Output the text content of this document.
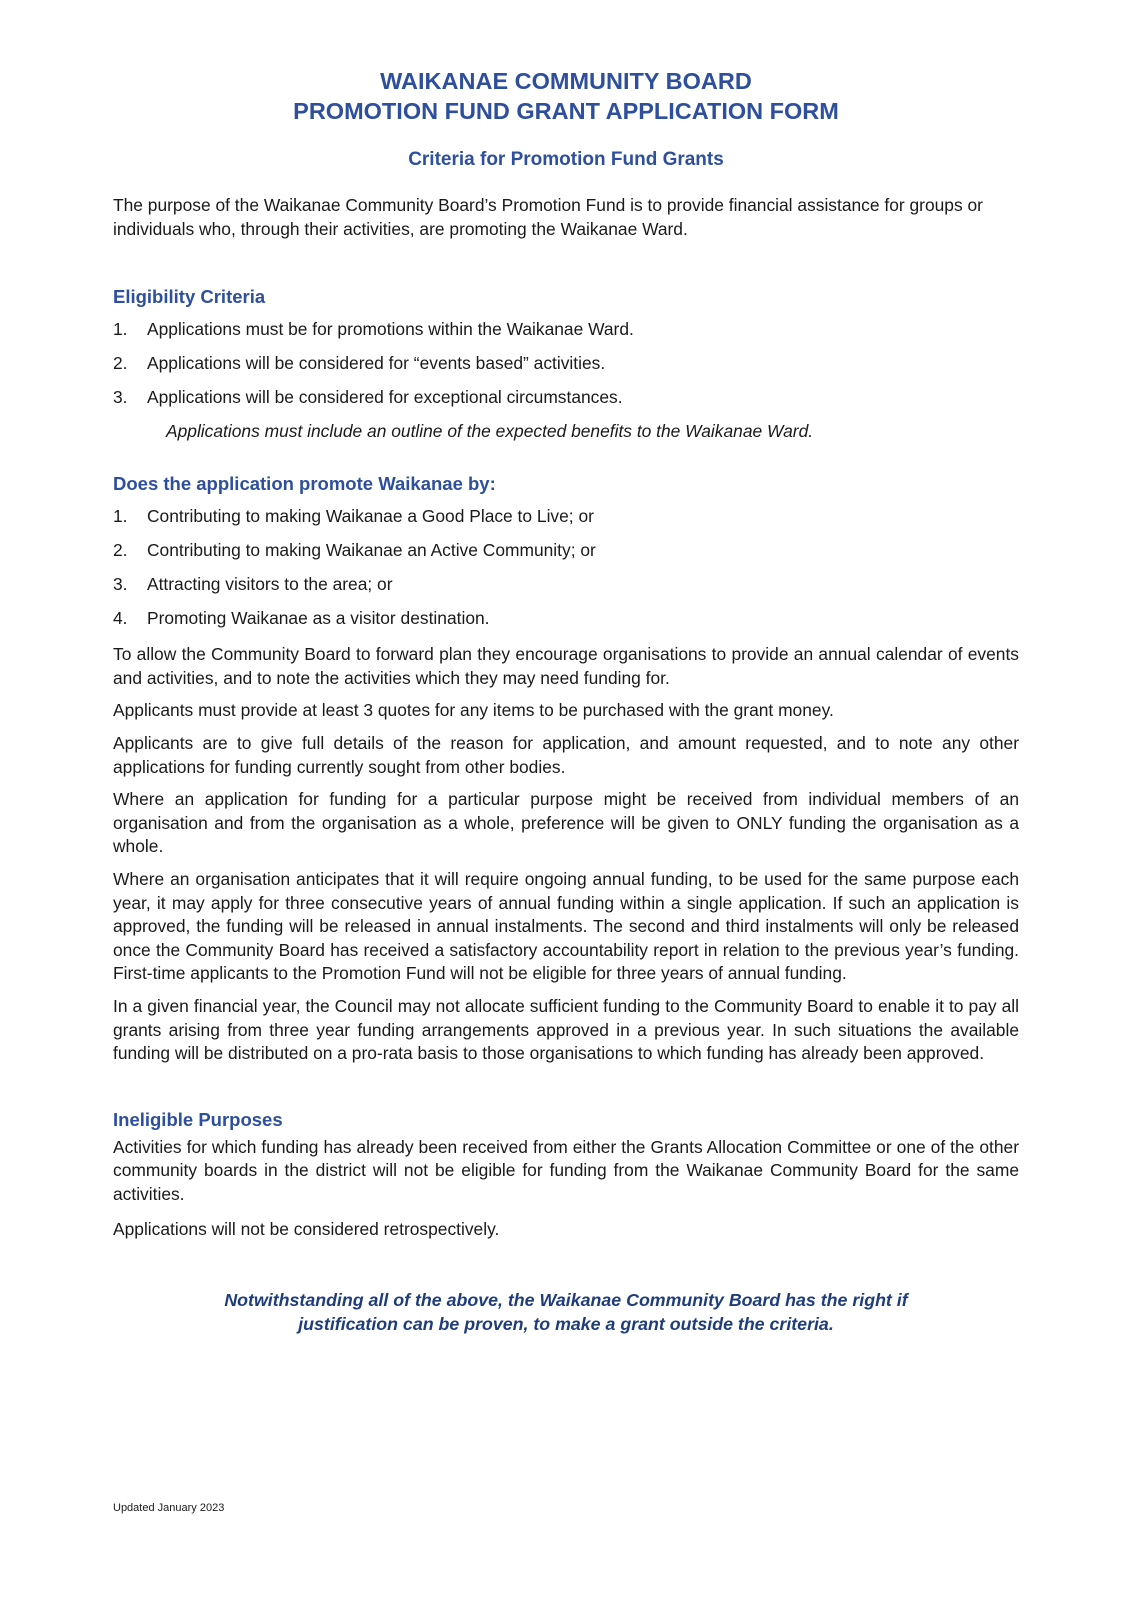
WAIKANAE COMMUNITY BOARD
PROMOTION FUND GRANT APPLICATION FORM
Criteria for Promotion Fund Grants

The purpose of the Waikanae Community Board’s Promotion Fund is to provide financial assistance for groups or individuals who, through their activities, are promoting the Waikanae Ward.

Eligibility Criteria
1.	Applications must be for promotions within the Waikanae Ward.
2.	Applications will be considered for “events based” activities.
3.	Applications will be considered for exceptional circumstances.

Applications must include an outline of the expected benefits to the Waikanae Ward.

Does the application promote Waikanae by:
1.	Contributing to making Waikanae a Good Place to Live; or
2.	Contributing to making Waikanae an Active Community; or
3.	Attracting visitors to the area; or
4.	Promoting Waikanae as a visitor destination.

To allow the Community Board to forward plan they encourage organisations to provide an annual calendar of events and activities, and to note the activities which they may need funding for.

Applicants must provide at least 3 quotes for any items to be purchased with the grant money.

Applicants are to give full details of the reason for application, and amount requested, and to note any other applications for funding currently sought from other bodies.

Where an application for funding for a particular purpose might be received from individual members of an organisation and from the organisation as a whole, preference will be given to ONLY funding the organisation as a whole.

Where an organisation anticipates that it will require ongoing annual funding, to be used for the same purpose each year, it may apply for three consecutive years of annual funding within a single application. If such an application is approved, the funding will be released in annual instalments. The second and third instalments will only be released once the Community Board has received a satisfactory accountability report in relation to the previous year’s funding. First-time applicants to the Promotion Fund will not be eligible for three years of annual funding.

In a given financial year, the Council may not allocate sufficient funding to the Community Board to enable it to pay all grants arising from three year funding arrangements approved in a previous year. In such situations the available funding will be distributed on a pro-rata basis to those organisations to which funding has already been approved.

Ineligible Purposes

Activities for which funding has already been received from either the Grants Allocation Committee or one of the other community boards in the district will not be eligible for funding from the Waikanae Community Board for the same activities.

Applications will not be considered retrospectively.

Notwithstanding all of the above, the Waikanae Community Board has the right if
justification can be proven, to make a grant outside the criteria.

Updated January 2023
